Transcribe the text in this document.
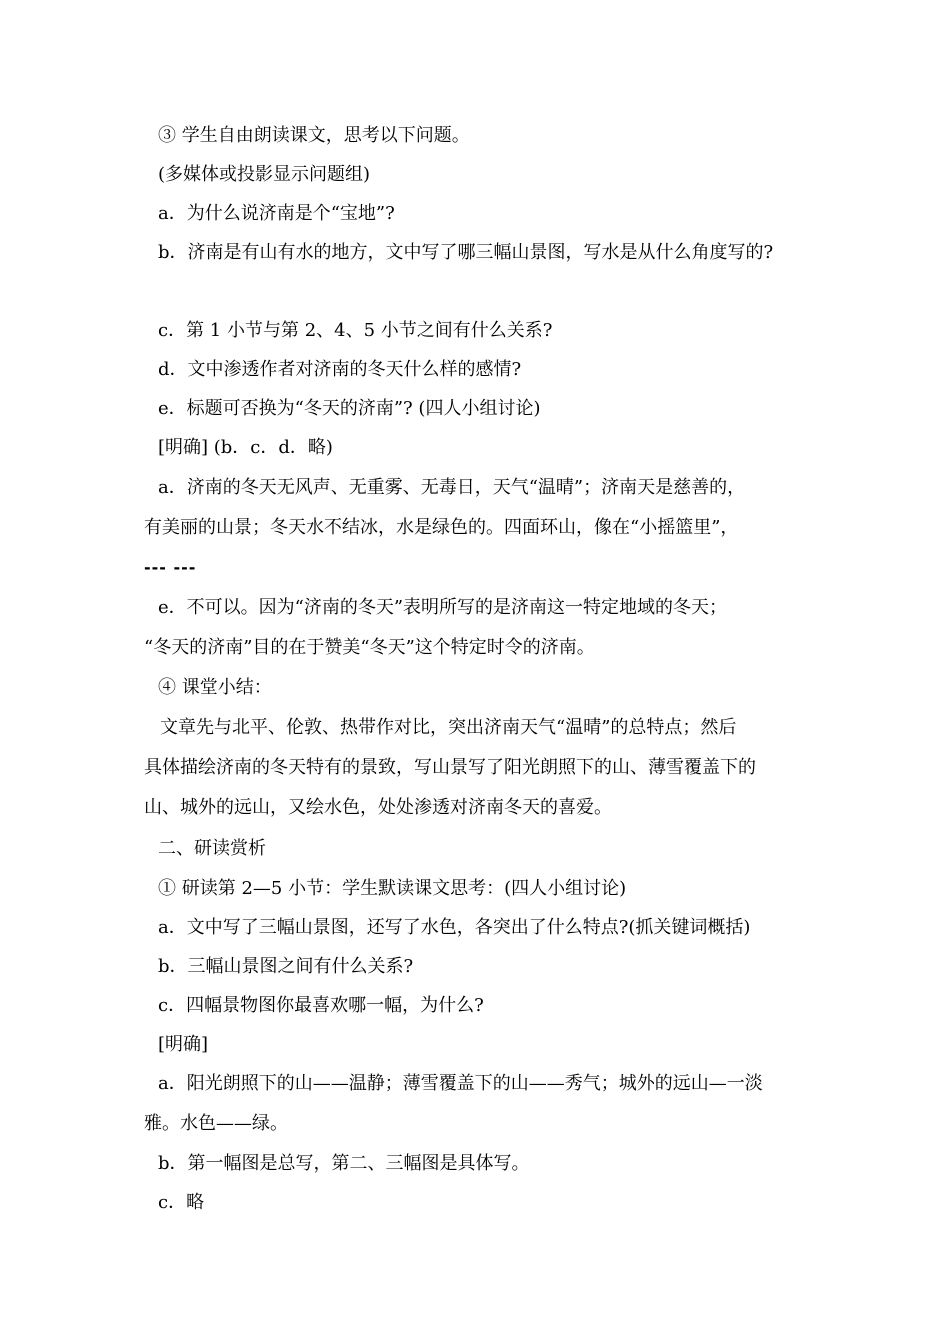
③ 学生自由朗读课文，思考以下问题。
(多媒体或投影显示问题组)
a．为什么说济南是个“宝地”?
b．济南是有山有水的地方，文中写了哪三幅山景图，写水是从什么角度写的?
c．第 1 小节与第 2、4、5 小节之间有什么关系?
d．文中渗透作者对济南的冬天什么样的感情?
e．标题可否换为“冬天的济南”? (四人小组讨论)
[明确] (b．c．d．略)
a．济南的冬天无风声、无重雾、无毒日，天气“温晴”；济南天是慈善的，
有美丽的山景；冬天水不结冰，水是绿色的。四面环山，像在“小摇篮里”，
--- ---
e．不可以。因为“济南的冬天”表明所写的是济南这一特定地域的冬天；
“冬天的济南”目的在于赞美“冬天”这个特定时令的济南。
④ 课堂小结：
文章先与北平、伦敦、热带作对比，突出济南天气“温晴”的总特点；然后
具体描绘济南的冬天特有的景致，写山景写了阳光朗照下的山、薄雪覆盖下的
山、城外的远山，又绘水色，处处渗透对济南冬天的喜爱。
二、研读赏析
① 研读第 2—5 小节：学生默读课文思考：(四人小组讨论)
a．文中写了三幅山景图，还写了水色，各突出了什么特点?(抓关键词概括)
b．三幅山景图之间有什么关系?
c．四幅景物图你最喜欢哪一幅，为什么?
[明确]
a．阳光朗照下的山——温静；薄雪覆盖下的山——秀气；城外的远山—一淡
雅。水色——绿。
b．第一幅图是总写，第二、三幅图是具体写。
c．略
